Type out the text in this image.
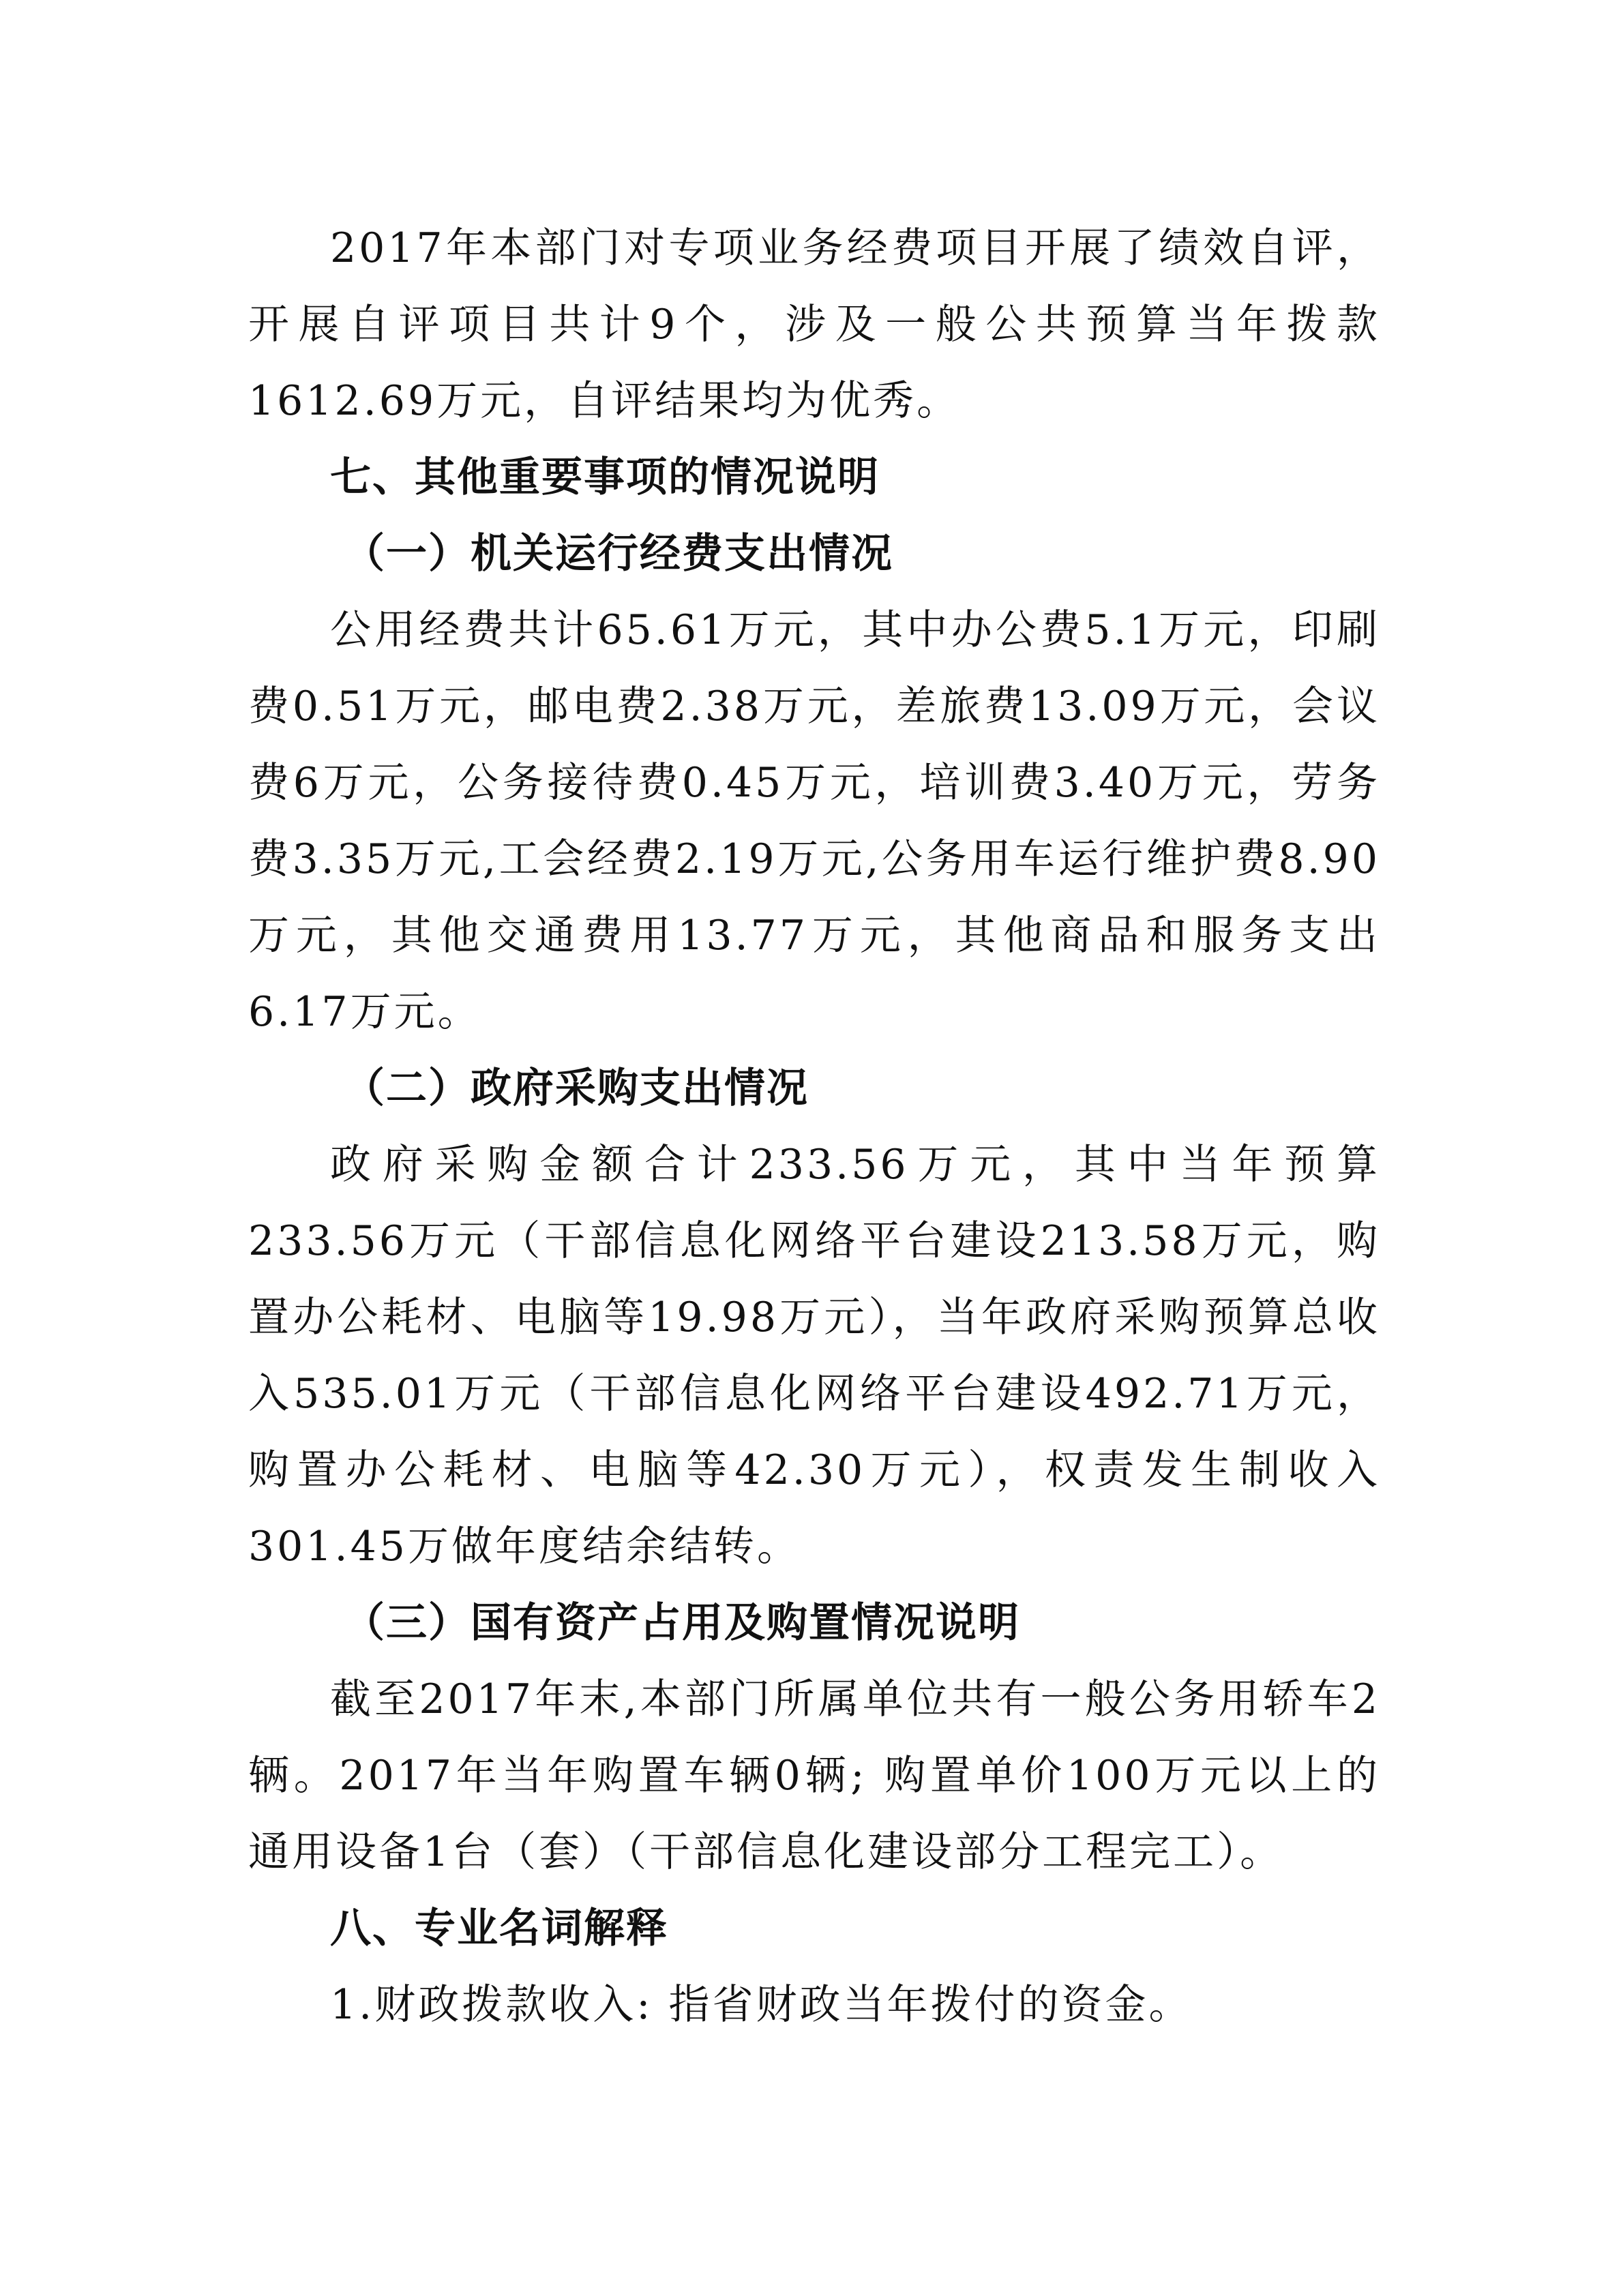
2017年本部门对专项业务经费项目开展了绩效自评，开展自评项目共计9个，涉及一般公共预算当年拨款1612.69万元，自评结果均为优秀。

七、其他重要事项的情况说明
（一）机关运行经费支出情况

公用经费共计65.61万元，其中办公费5.1万元，印刷费0.51万元，邮电费2.38万元，差旅费13.09万元，会议费6万元，公务接待费0.45万元，培训费3.40万元，劳务费3.35万元,工会经费2.19万元,公务用车运行维护费8.90万元，其他交通费用13.77万元，其他商品和服务支出6.17万元。

（二）政府采购支出情况

政府采购金额合计233.56万元，其中当年预算233.56万元（干部信息化网络平台建设213.58万元，购置办公耗材、电脑等19.98万元），当年政府采购预算总收入535.01万元（干部信息化网络平台建设492.71万元，购置办公耗材、电脑等42.30万元），权责发生制收入301.45万做年度结余结转。

（三）国有资产占用及购置情况说明

截至2017年末,本部门所属单位共有一般公务用轿车2辆。2017年当年购置车辆0辆; 购置单价100万元以上的通用设备1台（套）（干部信息化建设部分工程完工）。

八、专业名词解释

1.财政拨款收入: 指省财政当年拨付的资金。
